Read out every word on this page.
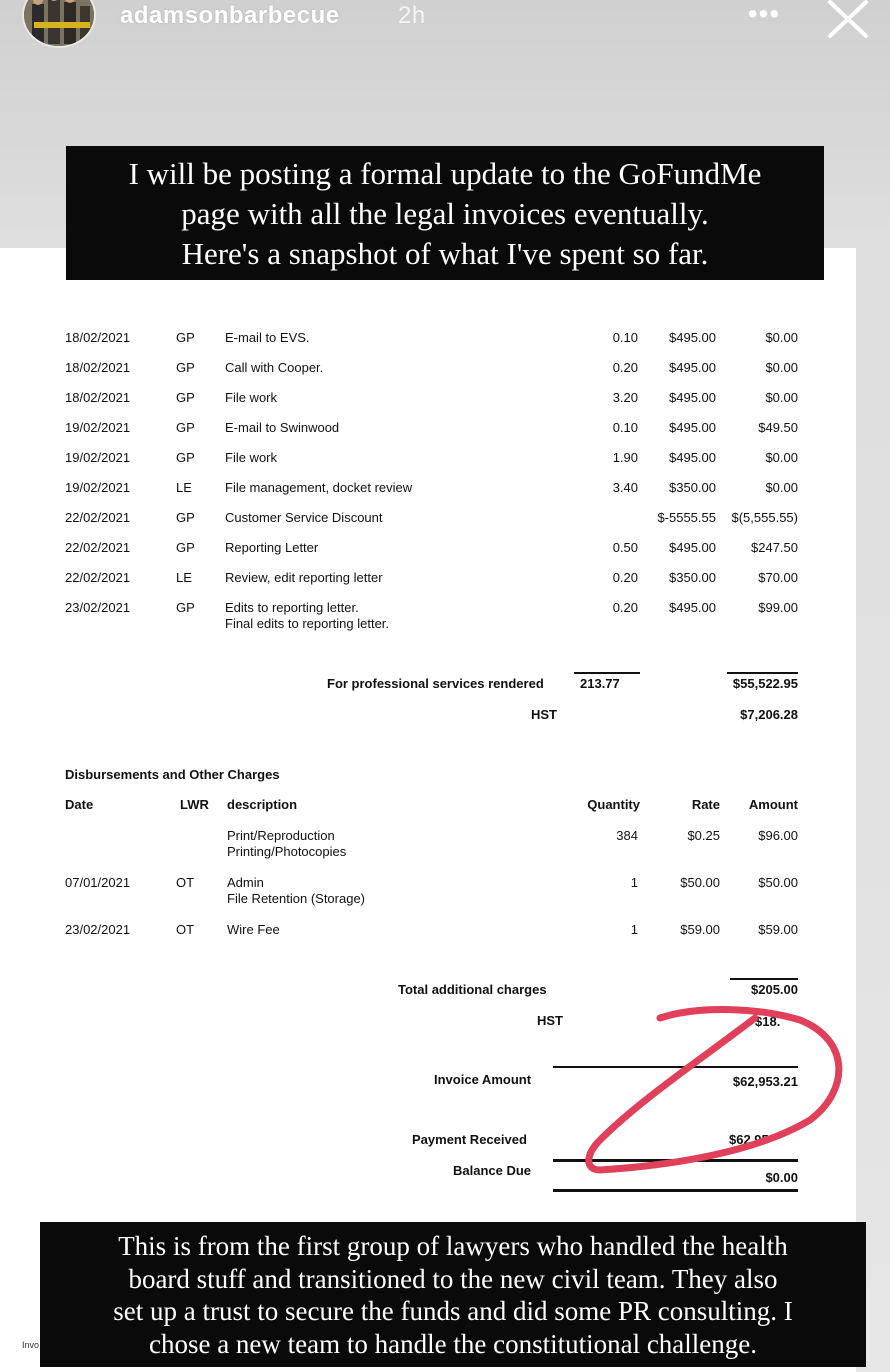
adamsonbarbecue 2h	•••
I will be posting a formal update to the GoFundMe
page with all the legal invoices eventually.
Here's a snapshot of what I've spent so far.
18/02/2021	GP E-mail to EVS.	0.10	$495.00	$0.00
18/02/2021	GP Call with Cooper.	0.20	$495.00	$0.00
18/02/2021	GP File work	3.20	$495.00	$0.00
19/02/2021	GP E-mail to Swinwood	0.10	$495.00	$49.50
19/02/2021	GP File work	1.90	$495.00	$0.00
19/02/2021	LE	File management, docket review	3.40	$350.00	$0.00
22/02/2021	GP Customer Service Discount	$-5555.55	$(5,555.55)
22/02/2021	GP Reporting Letter	0.50	$495.00	$247.50
22/02/2021	LE	Review, edit reporting letter	0.20	$350.00	$70.00
23/02/2021	GP Edits to reporting letter.	0.20	$495.00	$99.00
Final edits to reporting letter.
For professional services rendered	213.77	$55,522.95
HST	$7,206.28
Disbursements and Other Charges
Date	LWR description	Quantity	Rate	Amount
Print/Reproduction	384	$0.25	$96.00
Printing/Photocopies
07/01/2021	OT	Admin	1	$50.00	$50.00
File Retention (Storage)
23/02/2021	OT	Wire Fee	1	$59.00	$59.00
Total additional charges	$205.00
HST	$18.
Invoice Amount	$62,953.21
Payment Received	$62,95
Balance Due	$0.00
This is from the first group of lawyers who handled the health
board stuff and transitioned to the new civil team. They also
set up a trust to secure the funds and did some PR consulting. I
chose a new team to handle the constitutional challenge.
Invo
